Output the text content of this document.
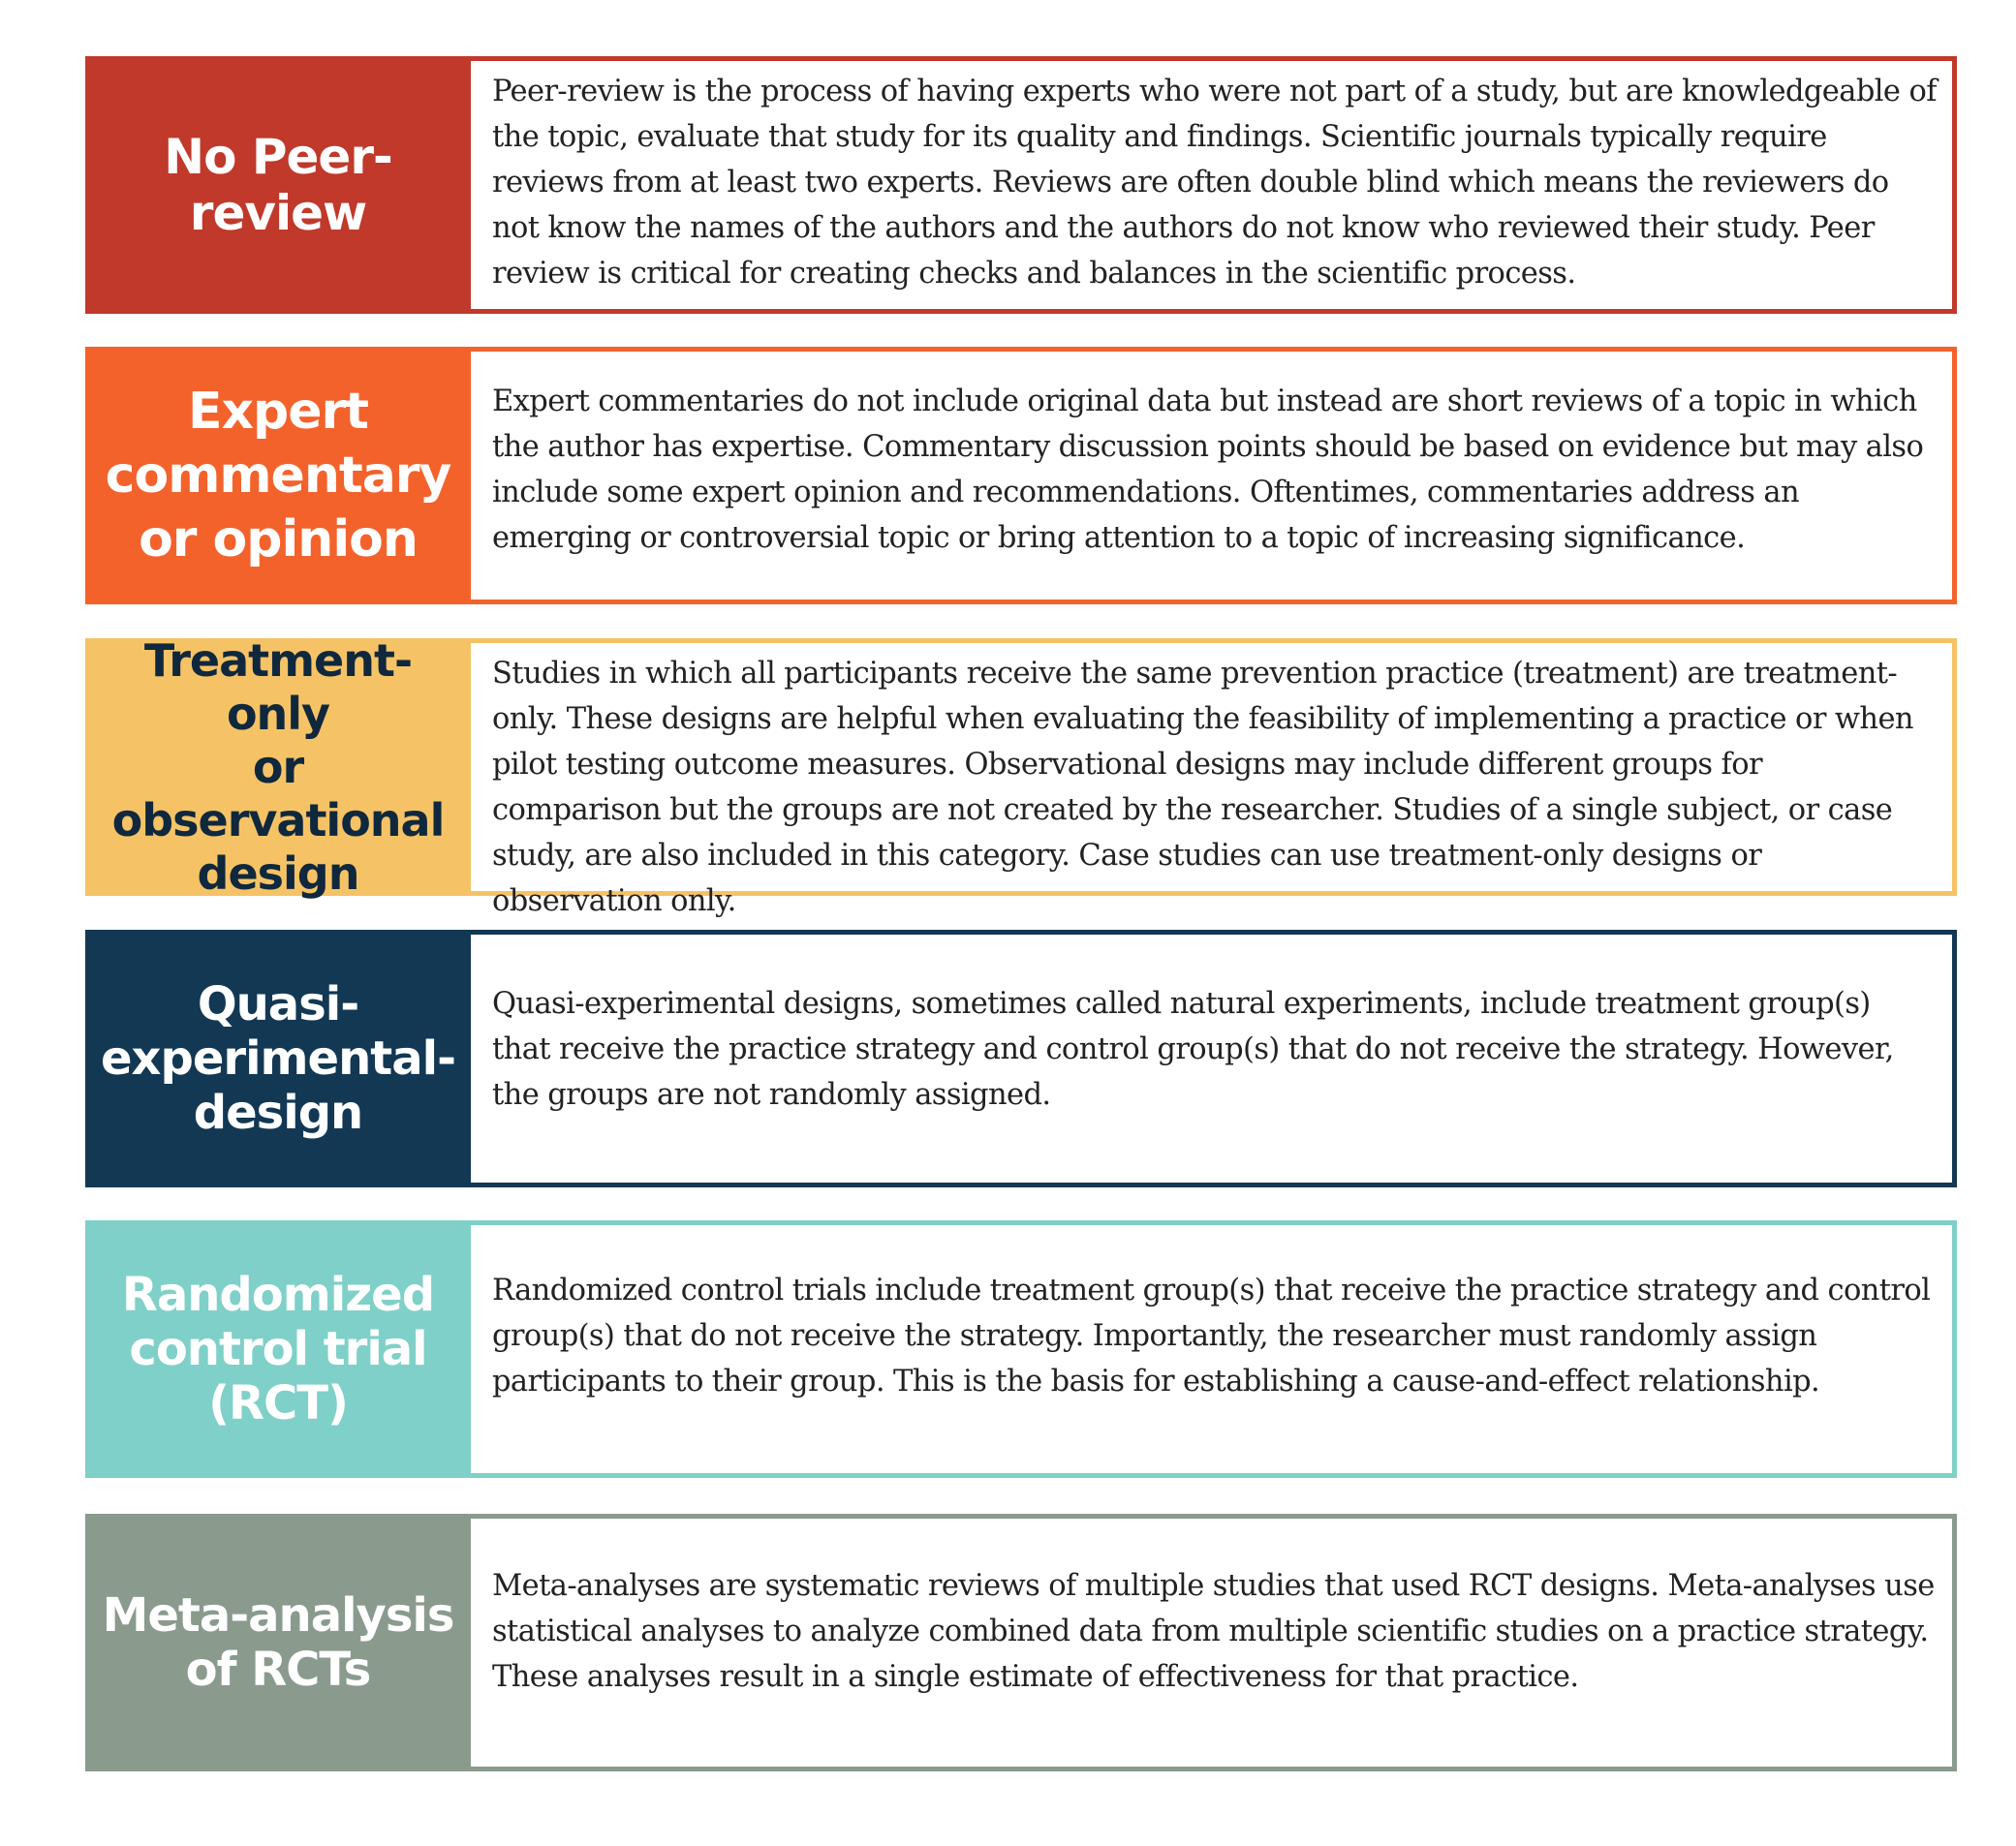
No Peer-
review
Peer-review is the process of having experts who were not part of a study, but are knowledgeable of the topic, evaluate that study for its quality and findings. Scientific journals typically require reviews from at least two experts. Reviews are often double blind which means the reviewers do not know the names of the authors and the authors do not know who reviewed their study. Peer review is critical for creating checks and balances in the scientific process.
Expert
commentary
or opinion
Expert commentaries do not include original data but instead are short reviews of a topic in which the author has expertise. Commentary discussion points should be based on evidence but may also include some expert opinion and recommendations. Oftentimes, commentaries address an emerging or controversial topic or bring attention to a topic of increasing significance.
Treatment-only
or
observational
design
Studies in which all participants receive the same prevention practice (treatment) are treatment-only. These designs are helpful when evaluating the feasibility of implementing a practice or when pilot testing outcome measures. Observational designs may include different groups for comparison but the groups are not created by the researcher. Studies of a single subject, or case study, are also included in this category. Case studies can use treatment-only designs or observation only.
Quasi-
experimental-
design
Quasi-experimental designs, sometimes called natural experiments, include treatment group(s) that receive the practice strategy and control group(s) that do not receive the strategy. However, the groups are not randomly assigned.
Randomized
control trial
(RCT)
Randomized control trials include treatment group(s) that receive the practice strategy and control group(s) that do not receive the strategy. Importantly, the researcher must randomly assign participants to their group. This is the basis for establishing a cause-and-effect relationship.
Meta-analysis
of RCTs
Meta-analyses are systematic reviews of multiple studies that used RCT designs. Meta-analyses use statistical analyses to analyze combined data from multiple scientific studies on a practice strategy. These analyses result in a single estimate of effectiveness for that practice.
